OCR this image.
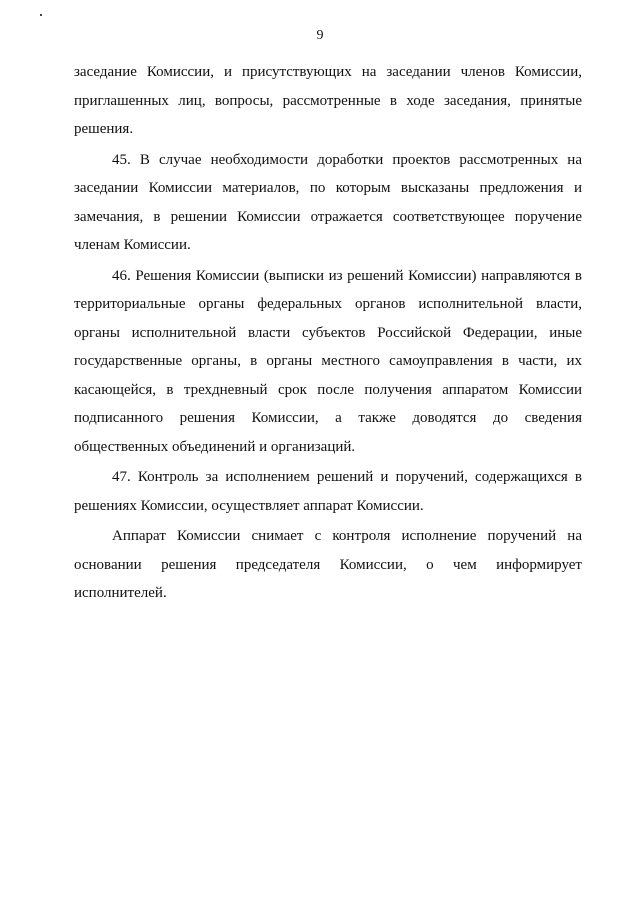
9

заседание Комиссии, и присутствующих на заседании членов Комиссии, приглашенных лиц, вопросы, рассмотренные в ходе заседания, принятые решения.

45. В случае необходимости доработки проектов рассмотренных на заседании Комиссии материалов, по которым высказаны предложения и замечания, в решении Комиссии отражается соответствующее поручение членам Комиссии.

46. Решения Комиссии (выписки из решений Комиссии) направляются в территориальные органы федеральных органов исполнительной власти, органы исполнительной власти субъектов Российской Федерации, иные государственные органы, в органы местного самоуправления в части, их касающейся, в трехдневный срок после получения аппаратом Комиссии подписанного решения Комиссии, а также доводятся до сведения общественных объединений и организаций.

47. Контроль за исполнением решений и поручений, содержащихся в решениях Комиссии, осуществляет аппарат Комиссии.

Аппарат Комиссии снимает с контроля исполнение поручений на основании решения председателя Комиссии, о чем информирует исполнителей.
